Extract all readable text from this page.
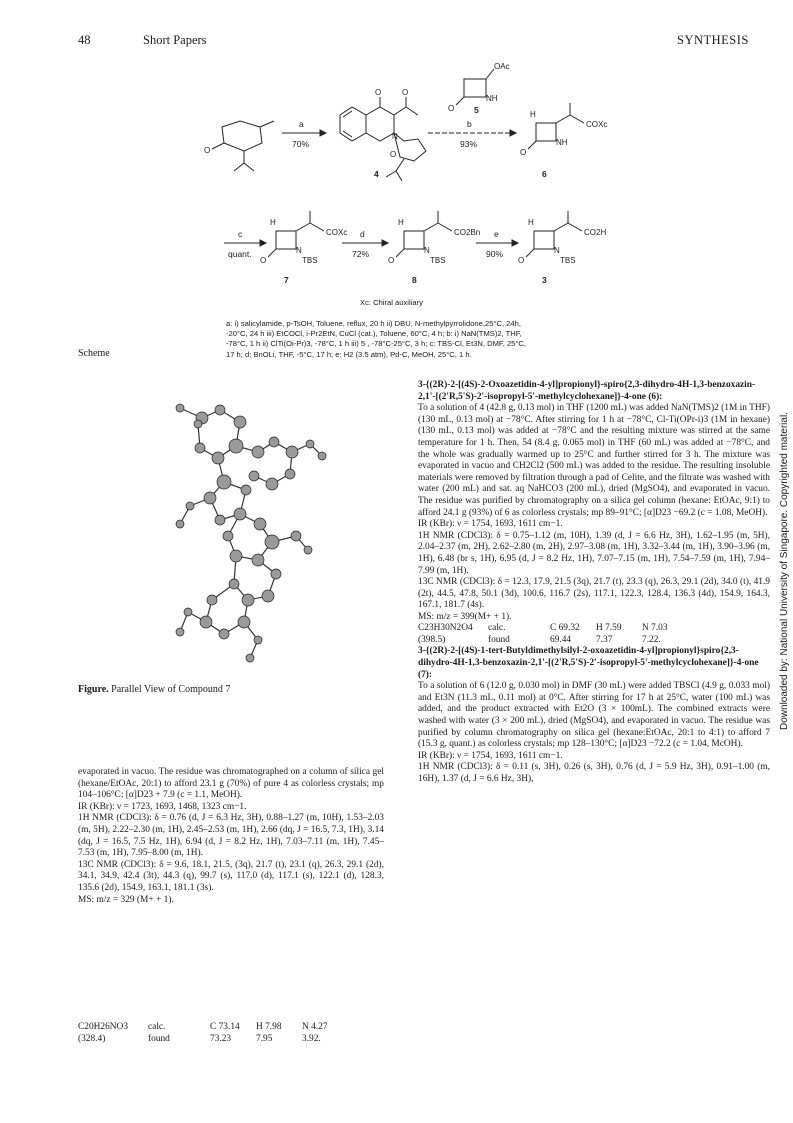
48	Short Papers	SYNTHESIS
O
O	O
N
O
OAc
NH
O
H
COXc
NH
O
H
COXc
N
TBS
O
H
CO2Bn
N
TBS
O
H
CO2H
N
TBS
O
a
70%
b
93%
c
quant.
d
72%
e
90%
5
4	6
7	8	3
Xc: Chiral auxiliary
a: i) salicylamide, p-TsOH, Toluene, reflux, 20 h ii) DBU, N-methylpyrrolidone,25°C, 24h,
-20°C, 24 h iii) EtCOCl, i-Pr2EtN, CuCl (cat.), Toluene, 60°C, 4 h; b: i) NaN(TMS)2, THF,
-78°C, 1 h ii) ClTi(Oi-Pr)3, -78°C, 1 h iii) 5 , -78°C-25°C, 3 h; c: TBS-Cl, Et3N, DMF, 25°C,
17 h; d: BnOLi, THF, -5°C, 17 h; e: H2 (3.5 atm), Pd-C, MeOH, 25°C, 1 h.
Scheme
Figure. Parallel View of Compound 7

evaporated in vacuo. The residue was chromatographed on a column of silica gel (hexane/EtOAc, 20:1) to afford 23.1 g (70%) of pure 4 as colorless crystals; mp 104–106°C; [α]D23 + 7.9 (c = 1.1, MeOH).

IR (KBr): ν = 1723, 1693, 1468, 1323 cm−1.

1H NMR (CDCl3): δ = 0.76 (d, J = 6.3 Hz, 3H), 0.88–1.27 (m, 10H), 1.53–2.03 (m, 5H), 2.22–2.30 (m, 1H), 2.45–2.53 (m, 1H), 2.66 (dq, J = 16.5, 7.3, 1H), 3.14 (dq, J = 16.5, 7.5 Hz, 1H), 6.94 (d, J = 8.2 Hz, 1H), 7.03–7.11 (m, 1H), 7.45–7.53 (m, 1H), 7.95–8.00 (m, 1H).

13C NMR (CDCl3): δ = 9.6, 18.1, 21.5, (3q), 21.7 (t), 23.1 (q), 26.3, 29.1 (2d), 34.1, 34.9, 42.4 (3t), 44.3 (q), 99.7 (s), 117.0 (d), 117.1 (s), 122.1 (d), 128.3, 135.6 (2d), 154.9, 163.1, 181.1 (3s).

MS: m/z = 329 (M+ + 1).

C20H26NO3	calc.	C 73.14	H 7.98	N 4.27
(328.4)	found	73.23	7.95	3.92.

3-{(2R)-2-[(4S)-2-Oxoazetidin-4-yl]propionyl}-spiro{2,3-dihydro-4H-1,3-benzoxazin-2,1'-[(2'R,5'S)-2'-isopropyl-5'-methylcyclohexane]}-4-one (6):

To a solution of 4 (42.8 g, 0.13 mol) in THF (1200 mL) was added NaN(TMS)2 (1M in THF) (130 mL, 0.13 mol) at −78°C. After stirring for 1 h at −78°C, Cl-Ti(OPr-i)3 (1M in hexane) (130 mL, 0.13 mol) was added at −78°C and the resulting mixture was stirred at the same temperature for 1 h. Then, 54 (8.4 g, 0.065 mol) in THF (60 mL) was added at −78°C, and the whole was gradually warmed up to 25°C and further stirred for 3 h. The mixture was evaporated in vacuo and CH2Cl2 (500 mL) was added to the residue. The resulting insoluble materials were removed by filtration through a pad of Celite, and the filtrate was washed with water (200 mL) and sat. aq NaHCO3 (200 mL), dried (MgSO4), and evaporated in vacuo. The residue was purified by chromatography on a silica gel column (hexane: EtOAc, 9:1) to afford 24.1 g (93%) of 6 as colorless crystals; mp 89–91°C; [α]D23 −69.2 (c = 1.08, MeOH).

IR (KBr): ν = 1754, 1693, 1611 cm−1.

1H NMR (CDCl3): δ = 0.75–1.12 (m, 10H), 1.39 (d, J = 6.6 Hz, 3H), 1.62–1.95 (m, 5H), 2.04–2.37 (m, 2H), 2.62–2.80 (m, 2H), 2.97–3.08 (m, 1H), 3.32–3.44 (m, 1H), 3.90–3.96 (m, 1H), 6.48 (br s, 1H), 6.95 (d, J = 8.2 Hz, 1H), 7.07–7.15 (m, 1H), 7.54–7.59 (m, 1H), 7.94–7.99 (m, 1H).

13C NMR (CDCl3): δ = 12.3, 17.9, 21.5 (3q), 21.7 (t), 23.3 (q), 26.3, 29.1 (2d), 34.0 (t), 41.9 (2t), 44.5, 47.8, 50.1 (3d), 100.6, 116.7 (2s), 117.1, 122.3, 128.4, 136.3 (4d), 154.9, 164.3, 167.1, 181.7 (4s).

MS: m/z = 399(M+ + 1).

C23H30N2O4	calc.	C 69.32	H 7.59	N 7.03
(398.5)	found	69.44	7.37	7.22.

3-{(2R)-2-[(4S)-1-tert-Butyldimethylsilyl-2-oxoazetidin-4-yl]propionyl}spiro{2,3-dihydro-4H-1,3-benzoxazin-2,1'-[(2'R,5'S)-2'-isopropyl-5'-methylcyclohexane]}-4-one (7):

To a solution of 6 (12.0 g, 0.030 mol) in DMF (30 mL) were added TBSCl (4.9 g, 0.033 mol) and Et3N (11.3 mL, 0.11 mol) at 0°C. After stirring for 17 h at 25°C, water (100 mL) was added, and the product extracted with Et2O (3 × 100mL). The combined extracts were washed with water (3 × 200 mL), dried (MgSO4), and evaporated in vacuo. The residue was purified by column chromatography on silica gel (hexane:EtOAc, 20:1 to 4:1) to afford 7 (15.3 g, quant.) as colorless crystals; mp 128–130°C; [α]D23 −72.2 (c = 1.04, McOH).

IR (KBr): ν = 1754, 1693, 1611 cm−1.

1H NMR (CDCl3): δ = 0.11 (s, 3H), 0.26 (s, 3H), 0.76 (d, J = 5.9 Hz, 3H), 0.91–1.00 (m, 16H), 1.37 (d, J = 6.6 Hz, 3H),

Downloaded by: National University of Singapore. Copyrighted material.
